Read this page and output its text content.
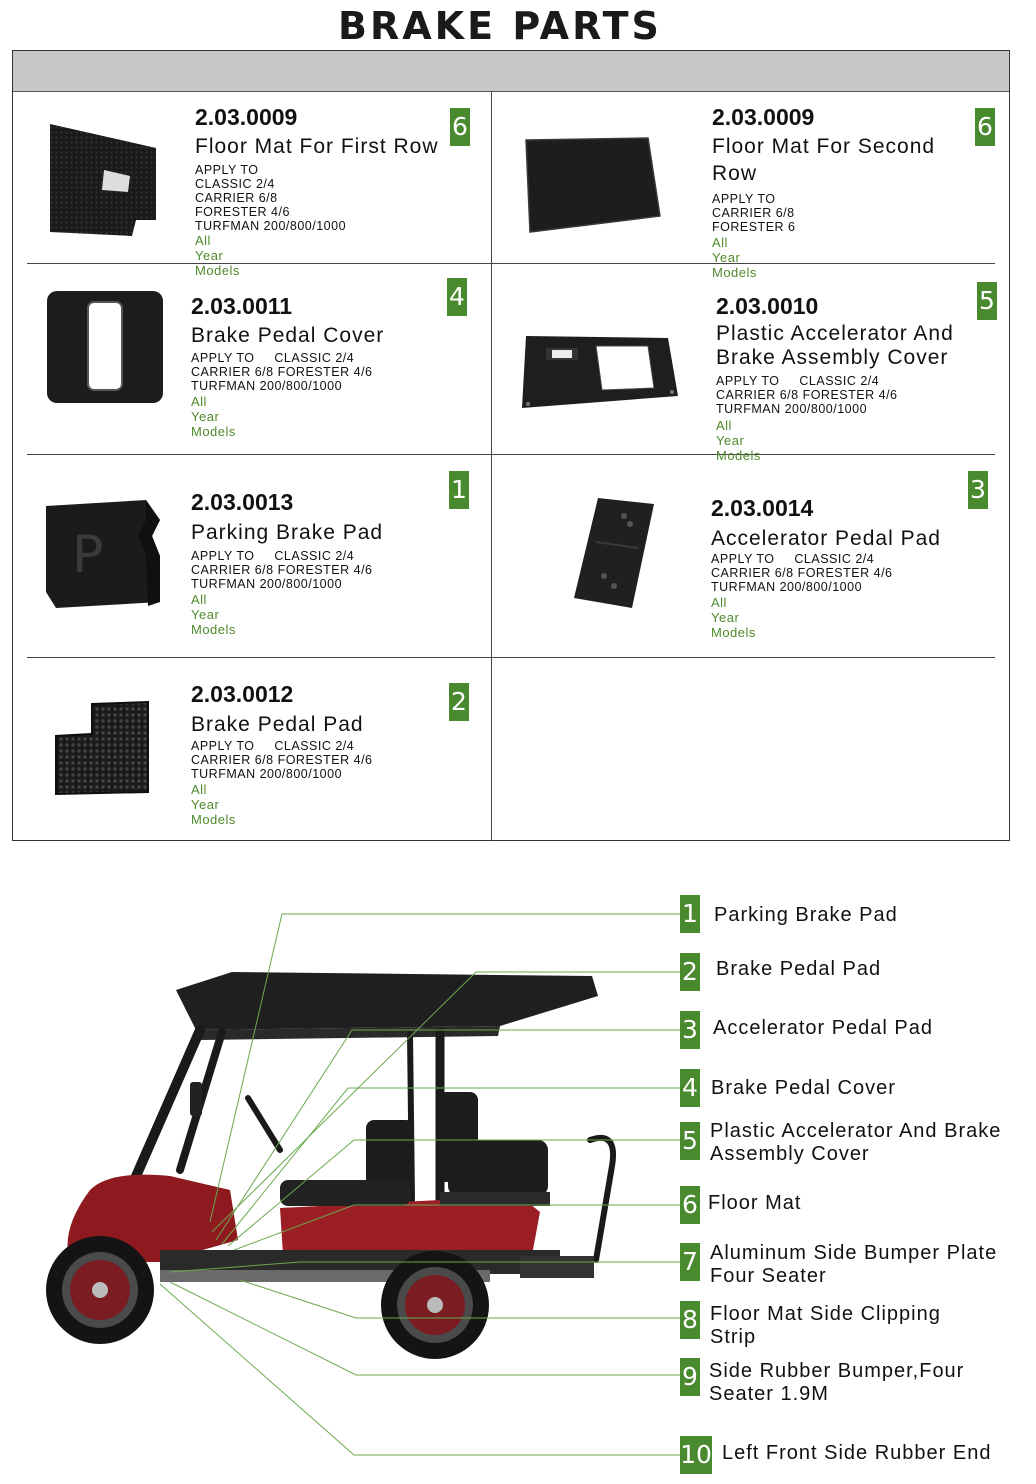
BRAKE PARTS
2.03.0009
Floor Mat For First Row
APPLY TO
CLASSIC 2/4
CARRIER 6/8
FORESTER 4/6
TURFMAN 200/800/1000
All Year Models
6	2.03.0009
Floor Mat For Second Row
APPLY TO
CARRIER 6/8
FORESTER 6
All Year Models
6
2.03.0011
Brake Pedal Cover
APPLY TO     CLASSIC 2/4
CARRIER 6/8 FORESTER 4/6
TURFMAN 200/800/1000
All Year Models
4	2.03.0010
Plastic Accelerator And Brake Assembly Cover
APPLY TO     CLASSIC 2/4
CARRIER 6/8 FORESTER 4/6
TURFMAN 200/800/1000
All Year Models
5
P
2.03.0013
Parking Brake Pad
APPLY TO     CLASSIC 2/4
CARRIER 6/8 FORESTER 4/6
TURFMAN 200/800/1000
All Year Models
1
2.03.0014
Accelerator Pedal Pad
APPLY TO     CLASSIC 2/4
CARRIER 6/8 FORESTER 4/6
TURFMAN 200/800/1000
All Year Models
3
2.03.0012
Brake Pedal Pad
APPLY TO     CLASSIC 2/4
CARRIER 6/8 FORESTER 4/6
TURFMAN 200/800/1000
All Year Models
2
1 Parking Brake Pad
2 Brake Pedal Pad
3 Accelerator Pedal Pad
4 Brake Pedal Cover
5 Plastic Accelerator And Brake Assembly Cover
6 Floor Mat
7 Aluminum Side Bumper Plate Four Seater
8 Floor Mat Side Clipping Strip
9 Side Rubber Bumper,Four Seater 1.9M
10 Left Front Side Rubber End
